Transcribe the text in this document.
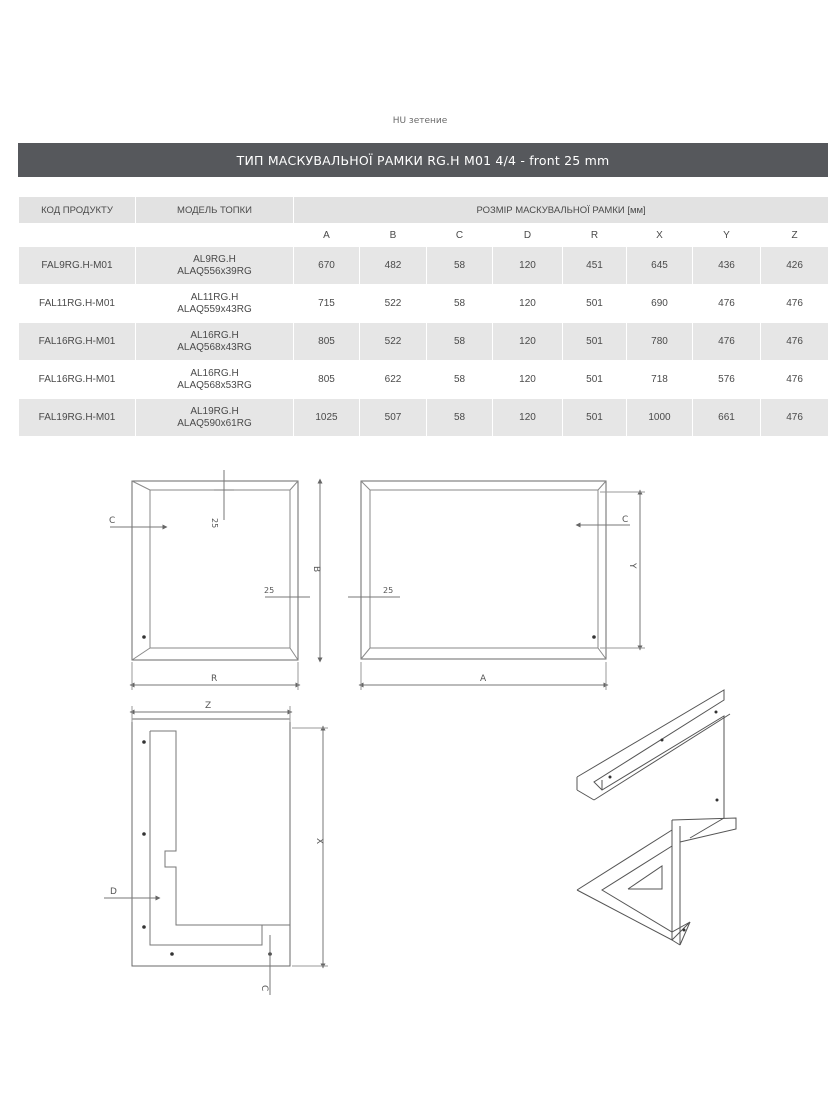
HU зетение
ТИП МАСКУВАЛЬНОЇ РАМКИ RG.H M01 4/4 - front 25 mm
КОД ПРОДУКТУ	МОДЕЛЬ ТОПКИ	РОЗМІР МАСКУВАЛЬНОЇ РАМКИ [мм]							
		A	B	C	D	R	X	Y	Z
FAL9RG.H-M01	AL9RG.H
ALAQ556x39RG	670	482	58	120	451	645	436	426
FAL11RG.H-M01	AL11RG.H
ALAQ559x43RG	715	522	58	120	501	690	476	476
FAL16RG.H-M01	AL16RG.H
ALAQ568x43RG	805	522	58	120	501	780	476	476
FAL16RG.H-M01	AL16RG.H
ALAQ568x53RG	805	622	58	120	501	718	576	476
FAL19RG.H-M01	AL19RG.H
ALAQ590x61RG	1025	507	58	120	501	1000	661	476
C	25
25
B
R
25
C
Y
A
Z
X
D
C
